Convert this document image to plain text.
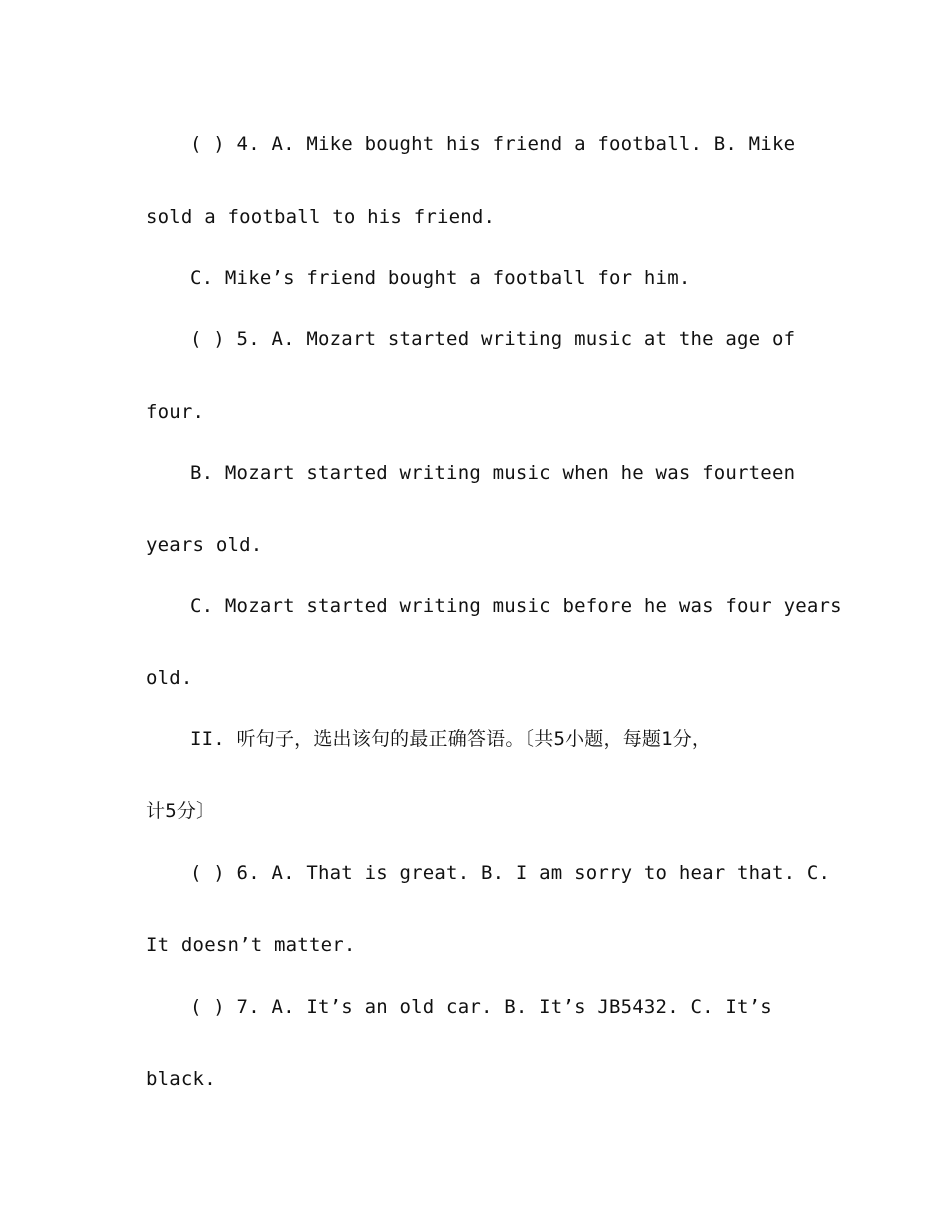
( ) 4. A. Mike bought his friend a football. B. Mike
sold a football to his friend.
C. Mike’s friend bought a football for him.
( ) 5. A. Mozart started writing music at the age of
four.
B. Mozart started writing music when he was fourteen
years old.
C. Mozart started writing music before he was four years
old.
II. 听句子，选出该句的最正确答语。〔共5小题，每题1分，
计5分〕
( ) 6. A. That is great. B. I am sorry to hear that. C.
It doesn’t matter.
( ) 7. A. It’s an old car. B. It’s JB5432. C. It’s
black.
